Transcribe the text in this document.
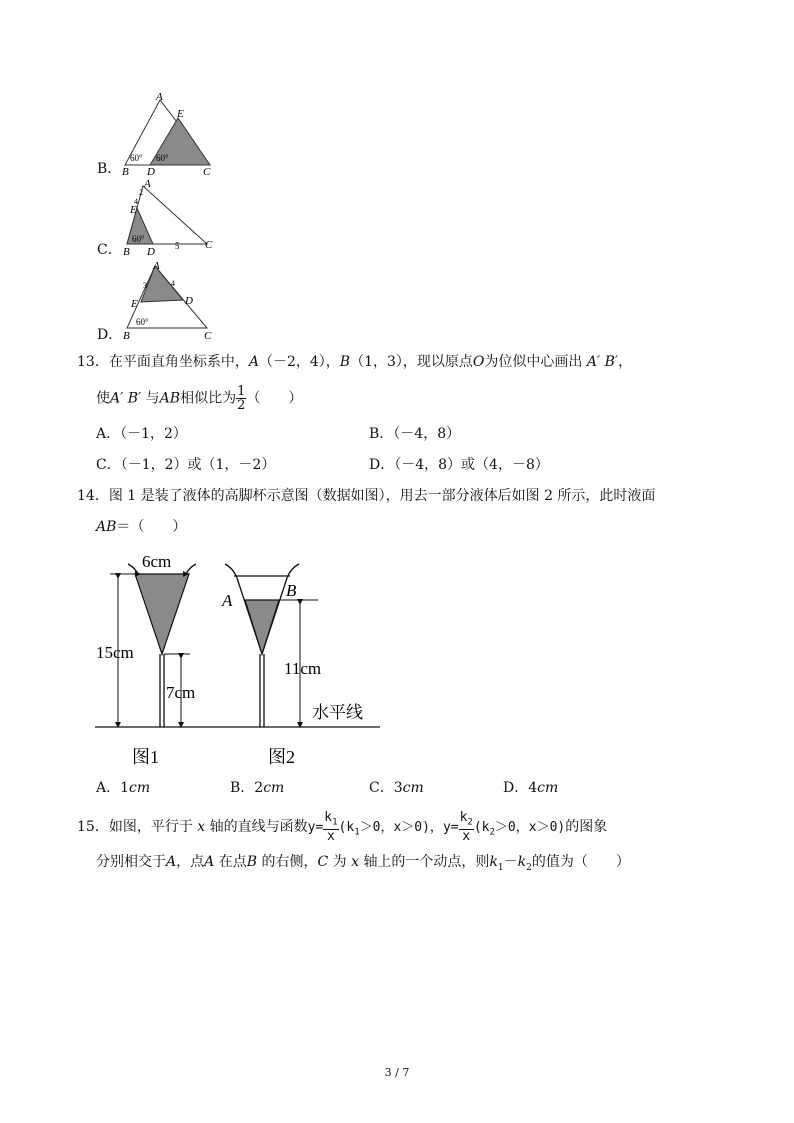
B．
A
E
B D	C
60° 60°
C．
A
E
B D
C
2
4
60°
5
D．
A
E	D
B	C
3	4
60°
13．在平面直角坐标系中，A（－2，4），B（1，3），现以原点O为位似中心画出 A′ B′，
使A′ B′ 与AB相似比为 $\frac{1}{2}$ （　　）
A．（－1，2）	B．（－4，8）
C．（－1，2）或（1，－2）	D．（－4，8）或（4，－8）
14．图 1 是装了液体的高脚杯示意图（数据如图），用去一部分液体后如图 2 所示，此时液面
AB＝（　　）
6cm
15cm
7cm
A
B
11cm
水平线
图1	图2
A．1cm	B．2cm	C．3cm	D．4cm
15．如图，平行于 x 轴的直线与函数$y= \frac{k_1}{x} (k_1>0$，x＞0)，$y= \frac{k_2}{x} (k_2>0$，x＞0)的图象
分别相交于A，点A 在点B 的右侧，C 为 x 轴上的一个动点，则$k_1-k_2$的值为（　　）
3 / 7
